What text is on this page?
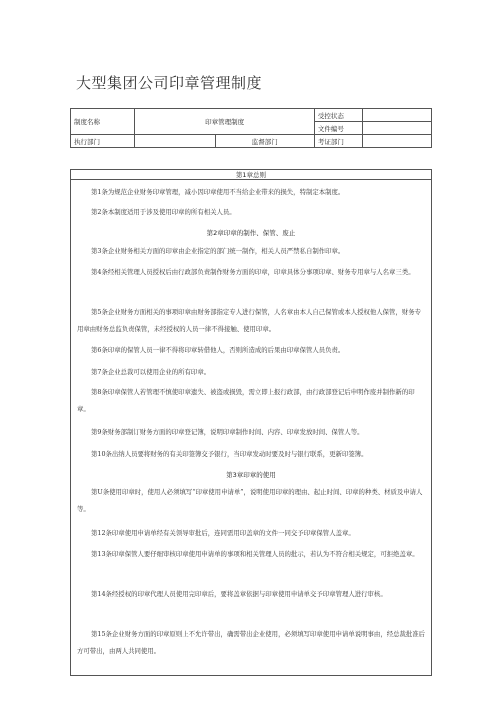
大型集团公司印章管理制度
制度名称	印章管理制度		受控状态	
			文件编号	
执行部门		监督部门	考证部门	
第1章总则
第1条为规范企业财务印章管理，减小因印章使用不当给企业带来的损失，特制定本制度。
第2条本制度适用于涉及使用印章的所有相关人员。
第2章印章的制作、保管、废止
第3条企业财务相关方面的印章由企业指定的部门统一制作，相关人员严禁私自制作印章。
第4条经相关管理人员授权后由行政部负责制作财务方面的印章，印章具体分事项印章、财务专用章与人名章三类。
第5条企业财务方面相关的事项印章由财务部指定专人进行保管，人名章由本人自己保管或本人授权他人保管，财务专用章由财务总监负责保管，未经授权的人员一律不得接触、使用印章。
第6条印章的保管人员一律不得将印章转借他人，否则所造成的后果由印章保管人员负责。
第7条企业总裁可以使用企业的所有印章。
第8条印章保管人若管理不慎使印章遗失、被盗或损毁，需立即上报行政部，由行政部登记后申明作废并制作新的印章。
第9条财务部制订财务方面的印章登记簿，说明印章制作时间、内容、印章发放时间、保管人等。
第10条出纳人员要将财务的有关印签簿交予银行，当印章发动时要及时与银行联系，更新印签簿。
第3章印章的使用
第U条使用印章时，使用人必须填写“印章使用申请单”，说明使用印章的理由、起止时间、印章的种类、材质及申请人等。
第12条印章使用申请单经有关领导审批后，连同需用印盖章的文件一同交予印章保管人盖章。
第13条印章保管人要仔细审核印章使用申请单的事项和相关管理人员的批示，若认为不符合相关规定，可拒绝盖章。
第14条经授权的印章代理人员使用完印章后，要将盖章依据与印章使用申请单交予印章管理人进行审核。
第15条企业财务方面的印章原则上不允许带出，确需带出企业使用，必须填写印章使用申请单说明事由，经总裁批准后方可带出，由两人共同使用。
